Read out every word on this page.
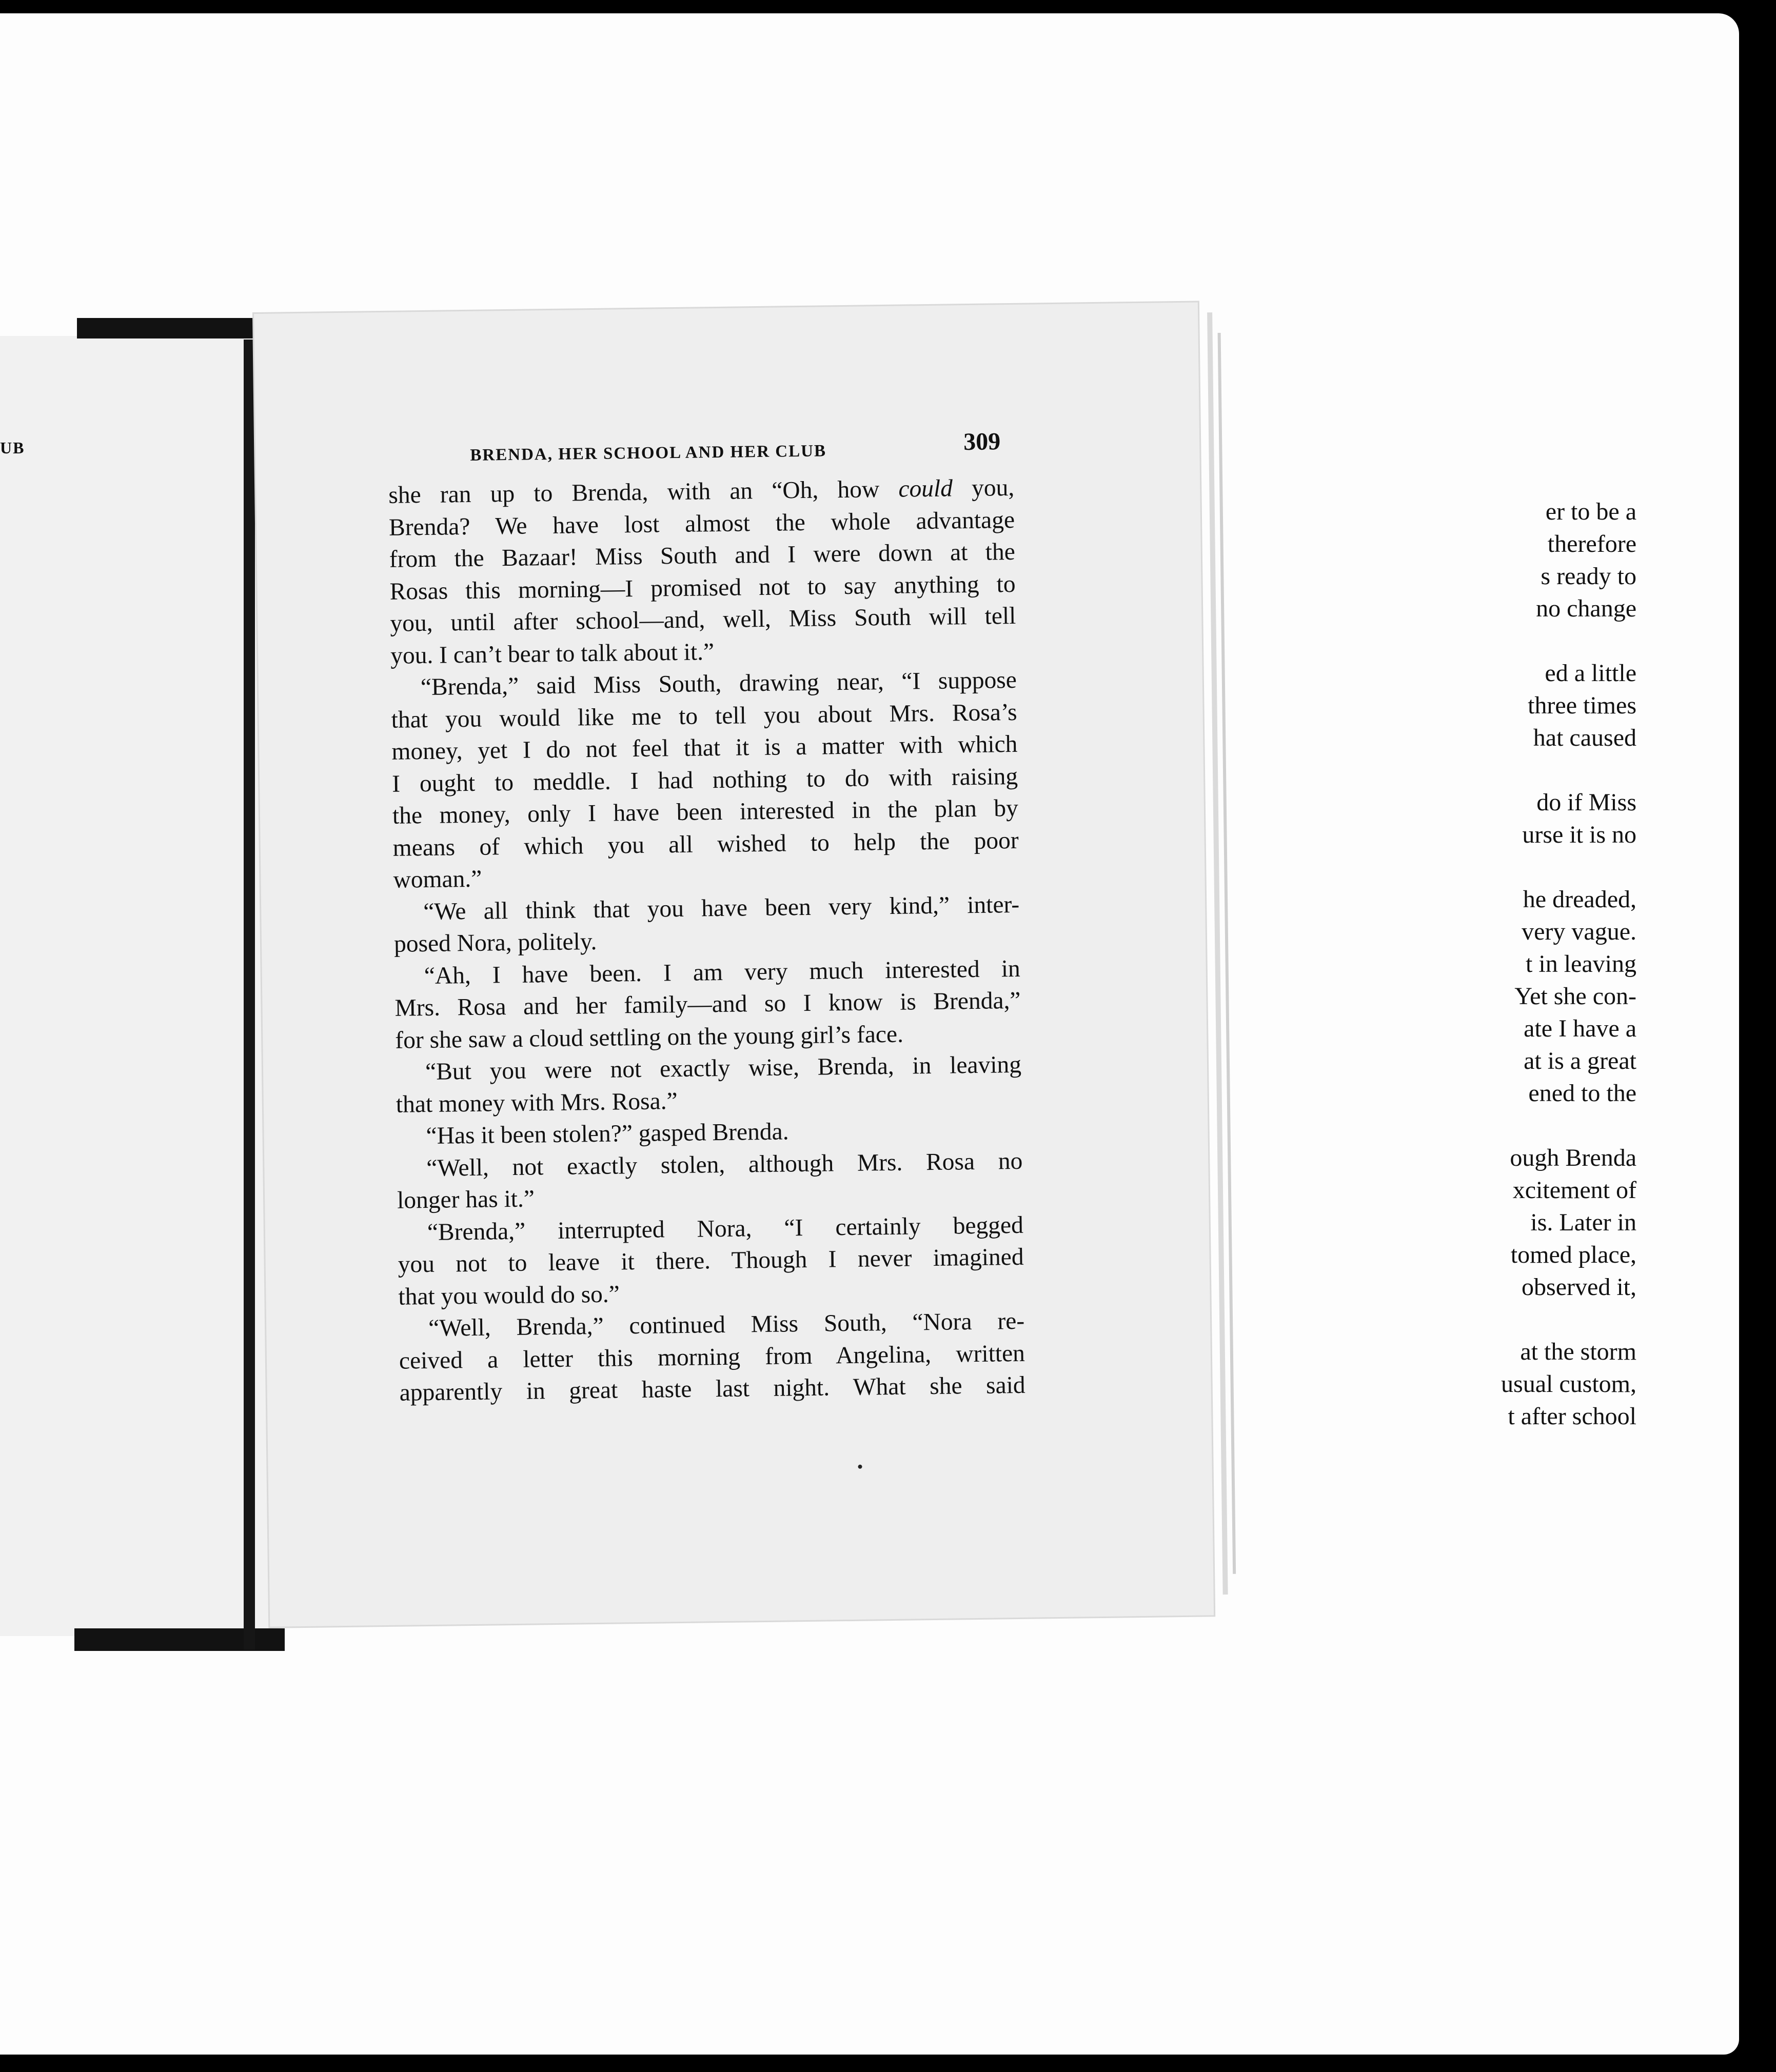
UB	BRENDA, HER SCHOOL AND HER CLUB	309
she ran up to Brenda, with an “Oh, how could you,
Brenda? We have lost almost the whole advantage
from the Bazaar! Miss South and I were down at the
Rosas this morning—I promised not to say anything to
you, until after school—and, well, Miss South will tell
you. I can’t bear to talk about it.”
“Brenda,” said Miss South, drawing near, “I suppose
that you would like me to tell you about Mrs. Rosa’s
money, yet I do not feel that it is a matter with which
I ought to meddle. I had nothing to do with raising
the money, only I have been interested in the plan by
means of which you all wished to help the poor
woman.”
“We all think that you have been very kind,” inter-
posed Nora, politely.
“Ah, I have been. I am very much interested in
Mrs. Rosa and her family—and so I know is Brenda,”
for she saw a cloud settling on the young girl’s face.
“But you were not exactly wise, Brenda, in leaving
that money with Mrs. Rosa.”
“Has it been stolen?” gasped Brenda.
“Well, not exactly stolen, although Mrs. Rosa no
longer has it.”
“Brenda,” interrupted Nora, “I certainly begged
you not to leave it there. Though I never imagined
that you would do so.”
“Well, Brenda,” continued Miss South, “Nora re-
ceived a letter this morning from Angelina, written
apparently in great haste last night. What she said
er to be a
therefore
s ready to
no change
ed a little
three times
hat caused
do if Miss
urse it is no
he dreaded,
very vague.
t in leaving
Yet she con-
ate I have a
at is a great
ened to the
ough Brenda
xcitement of
is. Later in
tomed place,
observed it,
at the storm
usual custom,
t after school
